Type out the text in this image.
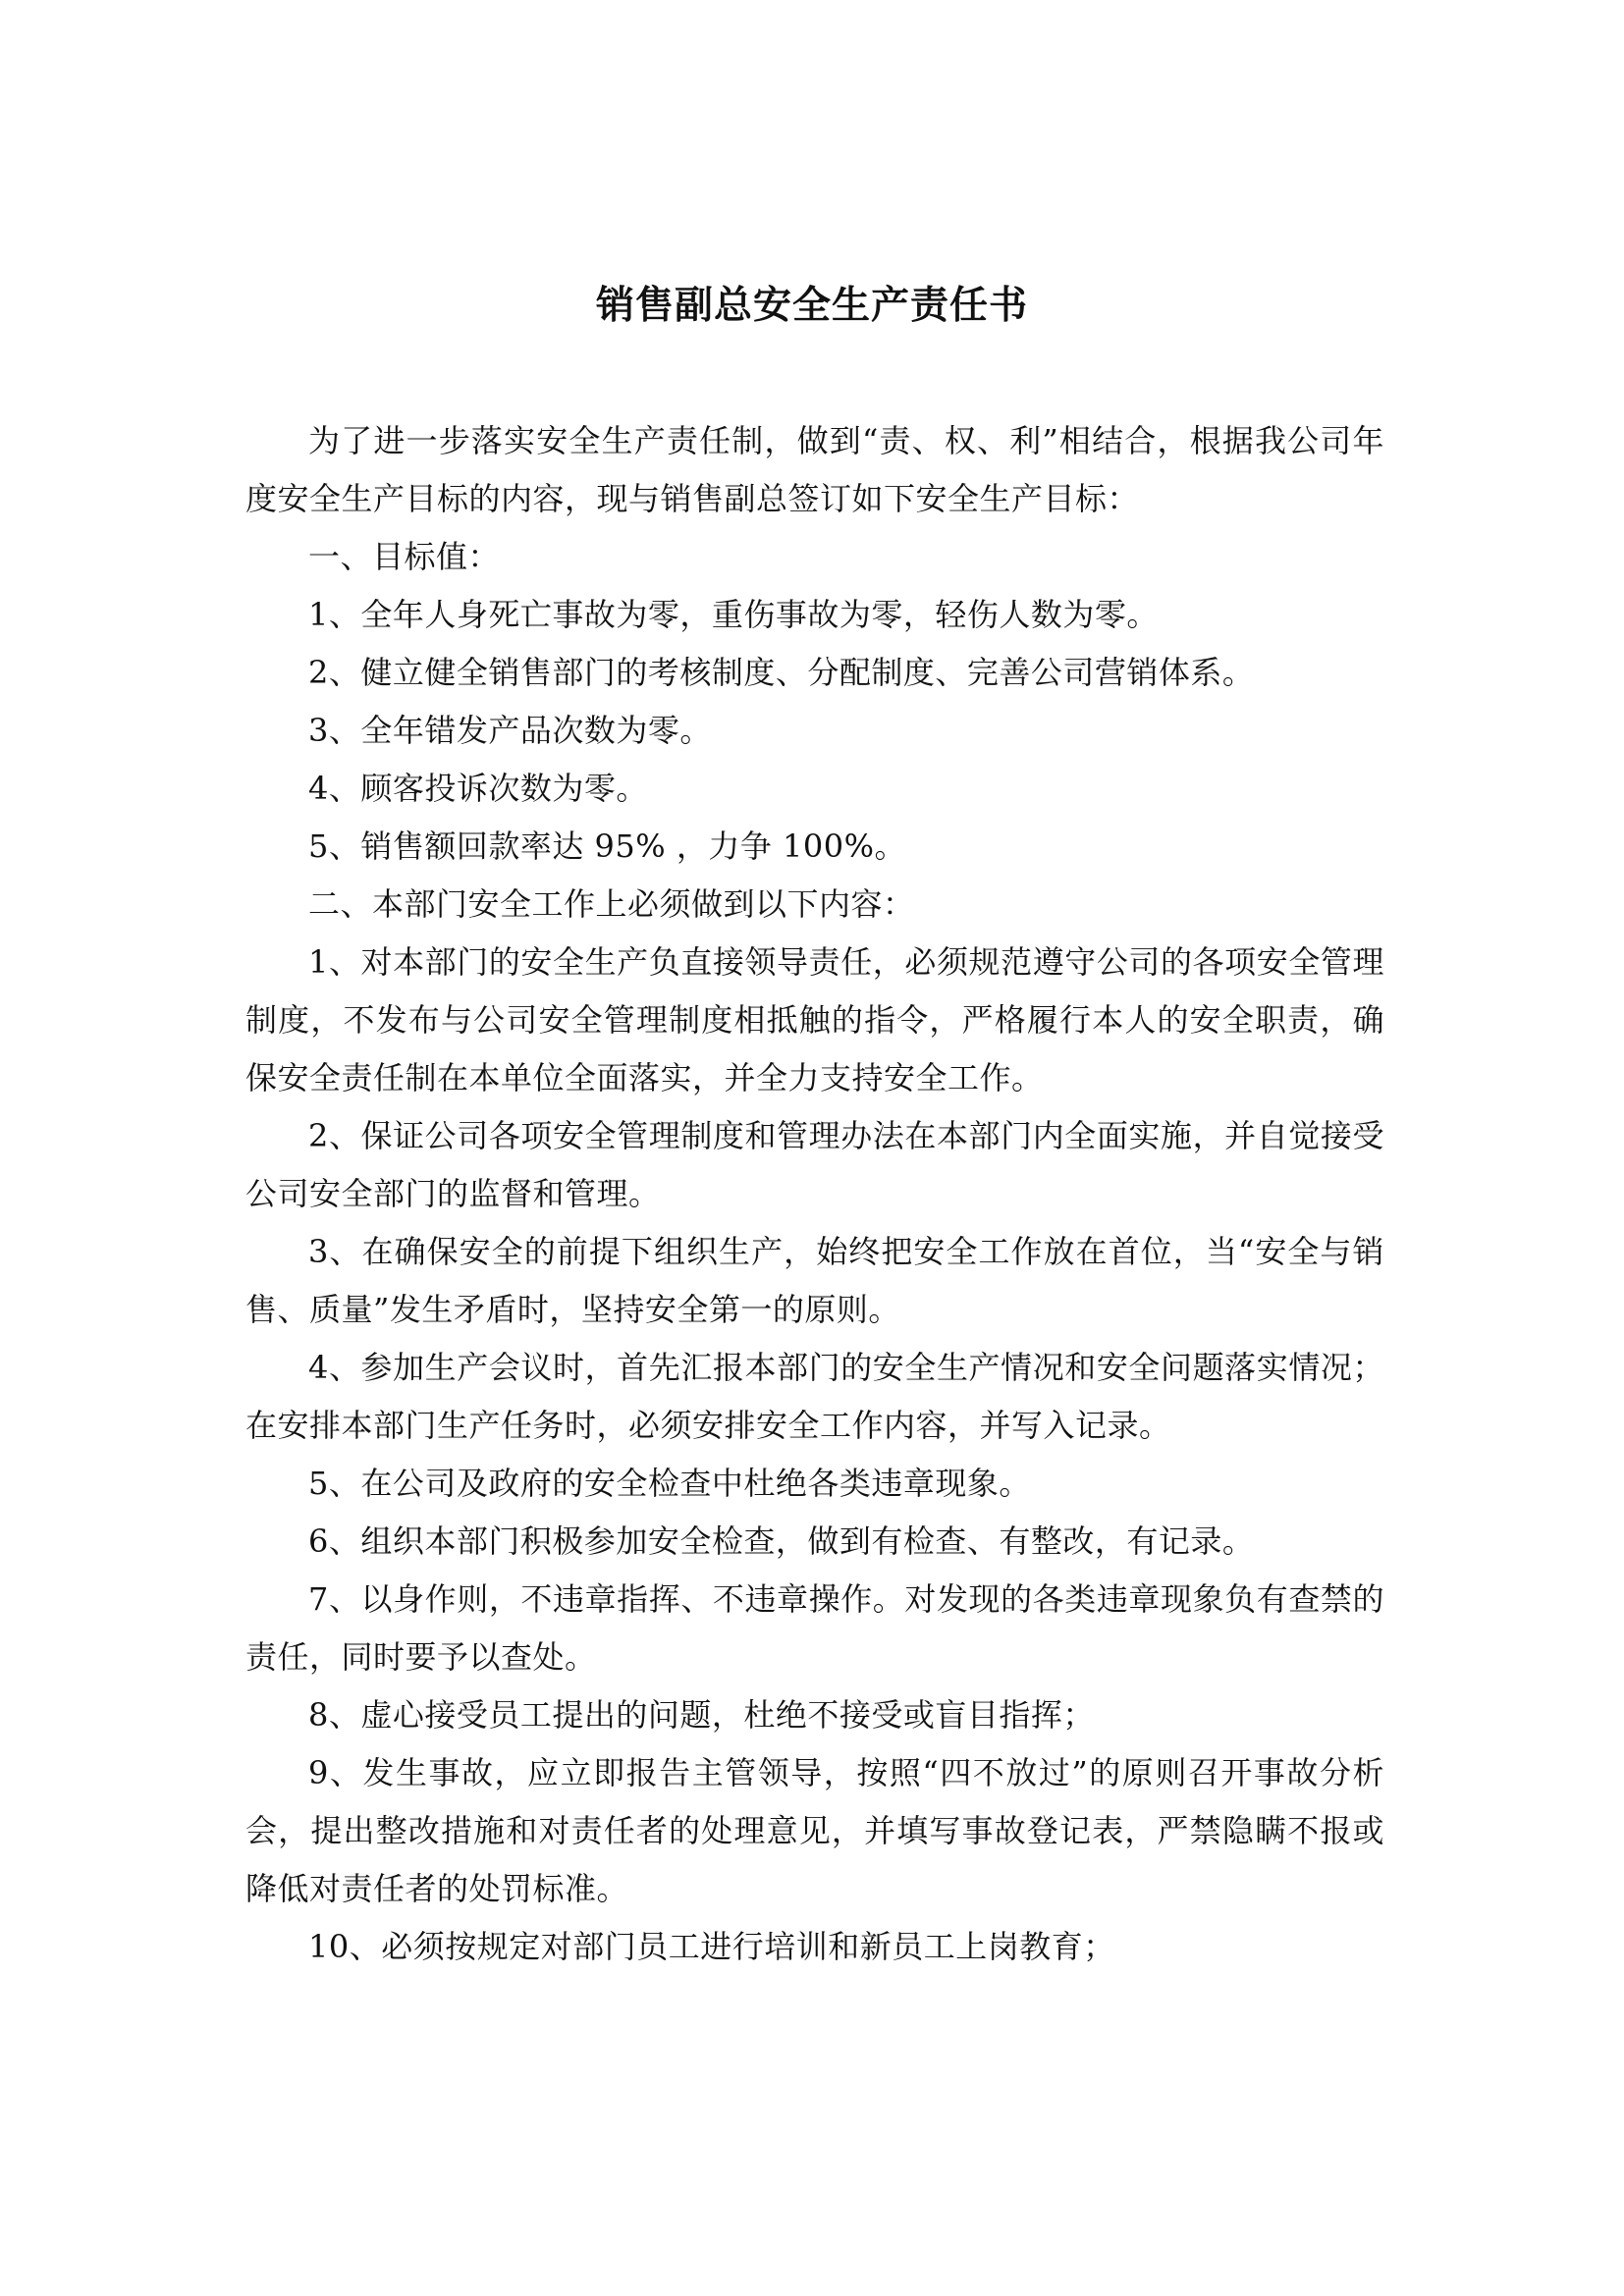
销售副总安全生产责任书

为了进一步落实安全生产责任制，做到“责、权、利”相结合，根据我公司年度安全生产目标的内容，现与销售副总签订如下安全生产目标：

一、目标值：

1、全年人身死亡事故为零，重伤事故为零，轻伤人数为零。

2、健立健全销售部门的考核制度、分配制度、完善公司营销体系。

3、全年错发产品次数为零。

4、顾客投诉次数为零。

5、销售额回款率达 95% ，力争 100%。

二、本部门安全工作上必须做到以下内容：

1、对本部门的安全生产负直接领导责任，必须规范遵守公司的各项安全管理制度，不发布与公司安全管理制度相抵触的指令，严格履行本人的安全职责，确保安全责任制在本单位全面落实，并全力支持安全工作。

2、保证公司各项安全管理制度和管理办法在本部门内全面实施，并自觉接受公司安全部门的监督和管理。

3、在确保安全的前提下组织生产，始终把安全工作放在首位，当“安全与销售、质量”发生矛盾时，坚持安全第一的原则。

4、参加生产会议时，首先汇报本部门的安全生产情况和安全问题落实情况；在安排本部门生产任务时，必须安排安全工作内容，并写入记录。

5、在公司及政府的安全检查中杜绝各类违章现象。

6、组织本部门积极参加安全检查，做到有检查、有整改，有记录。

7、以身作则，不违章指挥、不违章操作。对发现的各类违章现象负有查禁的责任，同时要予以查处。

8、虚心接受员工提出的问题，杜绝不接受或盲目指挥；

9、发生事故，应立即报告主管领导，按照“四不放过”的原则召开事故分析会，提出整改措施和对责任者的处理意见，并填写事故登记表，严禁隐瞒不报或降低对责任者的处罚标准。

10、必须按规定对部门员工进行培训和新员工上岗教育；
